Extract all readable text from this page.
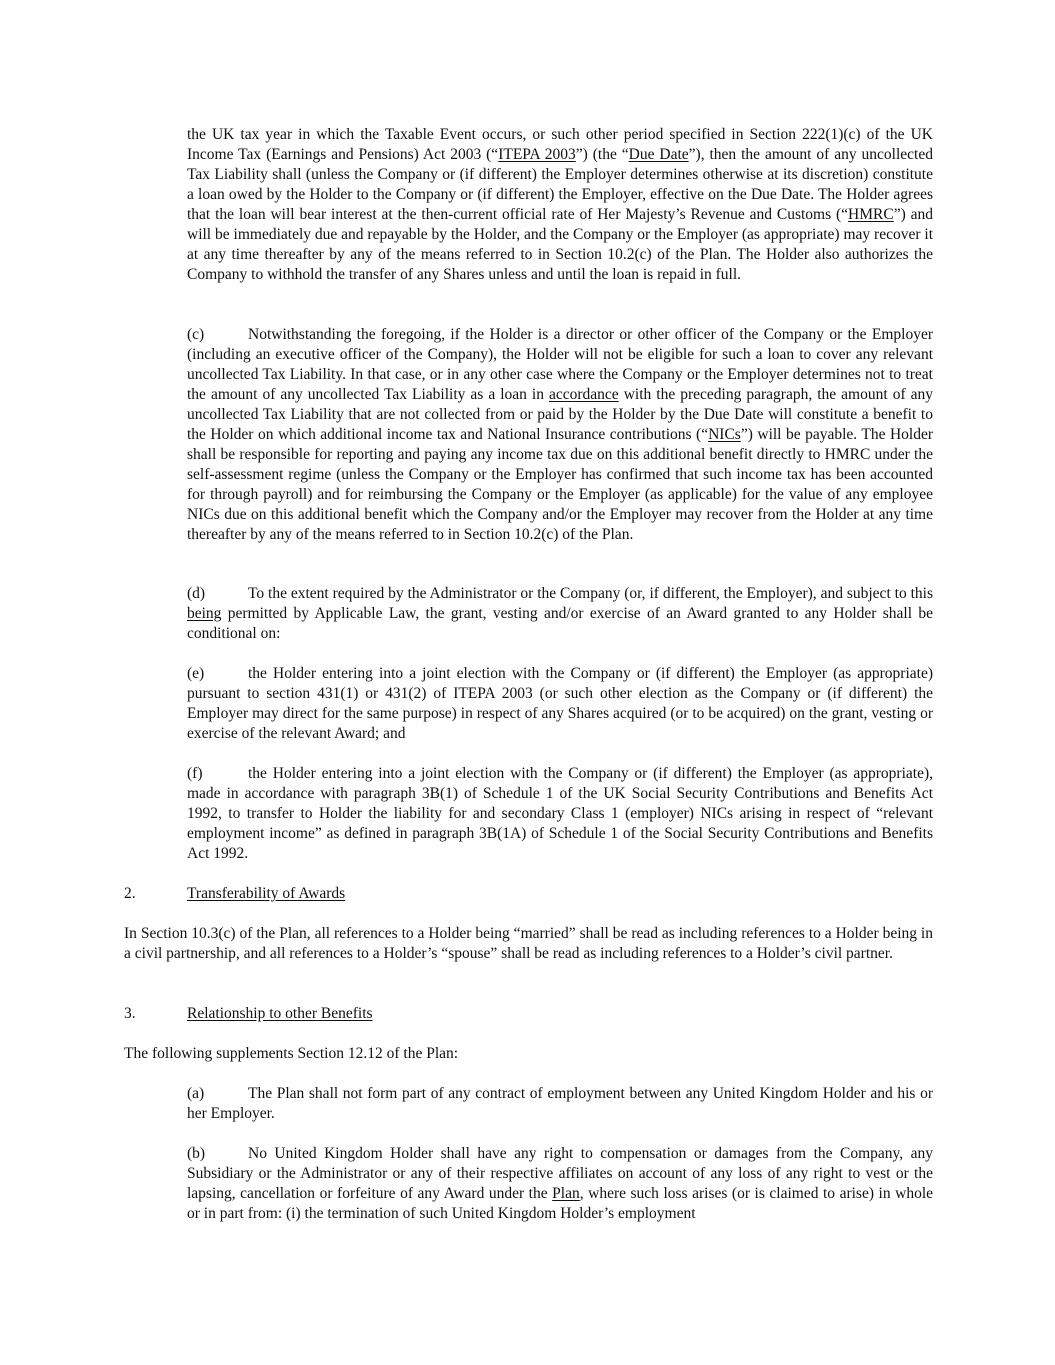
the UK tax year in which the Taxable Event occurs, or such other period specified in Section 222(1)(c) of the UK Income Tax (Earnings and Pensions) Act 2003 (“ITEPA 2003”) (the “Due Date”), then the amount of any uncollected Tax Liability shall (unless the Company or (if different) the Employer determines otherwise at its discretion) constitute a loan owed by the Holder to the Company or (if different) the Employer, effective on the Due Date. The Holder agrees that the loan will bear interest at the then-current official rate of Her Majesty’s Revenue and Customs (“HMRC”) and will be immediately due and repayable by the Holder, and the Company or the Employer (as appropriate) may recover it at any time thereafter by any of the means referred to in Section 10.2(c) of the Plan. The Holder also authorizes the Company to withhold the transfer of any Shares unless and until the loan is repaid in full.

(c)	Notwithstanding the foregoing, if the Holder is a director or other officer of the Company or the Employer (including an executive officer of the Company), the Holder will not be eligible for such a loan to cover any relevant uncollected Tax Liability. In that case, or in any other case where the Company or the Employer determines not to treat the amount of any uncollected Tax Liability as a loan in accordance with the preceding paragraph, the amount of any uncollected Tax Liability that are not collected from or paid by the Holder by the Due Date will constitute a benefit to the Holder on which additional income tax and National Insurance contributions (“NICs”) will be payable. The Holder shall be responsible for reporting and paying any income tax due on this additional benefit directly to HMRC under the self-assessment regime (unless the Company or the Employer has confirmed that such income tax has been accounted for through payroll) and for reimbursing the Company or the Employer (as applicable) for the value of any employee NICs due on this additional benefit which the Company and/or the Employer may recover from the Holder at any time thereafter by any of the means referred to in Section 10.2(c) of the Plan.

(d)	To the extent required by the Administrator or the Company (or, if different, the Employer), and subject to this being permitted by Applicable Law, the grant, vesting and/or exercise of an Award granted to any Holder shall be conditional on:

(e)	the Holder entering into a joint election with the Company or (if different) the Employer (as appropriate) pursuant to section 431(1) or 431(2) of ITEPA 2003 (or such other election as the Company or (if different) the Employer may direct for the same purpose) in respect of any Shares acquired (or to be acquired) on the grant, vesting or exercise of the relevant Award; and

(f)	the Holder entering into a joint election with the Company or (if different) the Employer (as appropriate), made in accordance with paragraph 3B(1) of Schedule 1 of the UK Social Security Contributions and Benefits Act 1992, to transfer to Holder the liability for and secondary Class 1 (employer) NICs arising in respect of “relevant employment income” as defined in paragraph 3B(1A) of Schedule 1 of the Social Security Contributions and Benefits Act 1992.

2.	Transferability of Awards

In Section 10.3(c) of the Plan, all references to a Holder being “married” shall be read as including references to a Holder being in a civil partnership, and all references to a Holder’s “spouse” shall be read as including references to a Holder’s civil partner.

3.	Relationship to other Benefits

The following supplements Section 12.12 of the Plan:

(a)	The Plan shall not form part of any contract of employment between any United Kingdom Holder and his or her Employer.

(b)	No United Kingdom Holder shall have any right to compensation or damages from the Company, any Subsidiary or the Administrator or any of their respective affiliates on account of any loss of any right to vest or the lapsing, cancellation or forfeiture of any Award under the Plan, where such loss arises (or is claimed to arise) in whole or in part from: (i) the termination of such United Kingdom Holder’s employment
